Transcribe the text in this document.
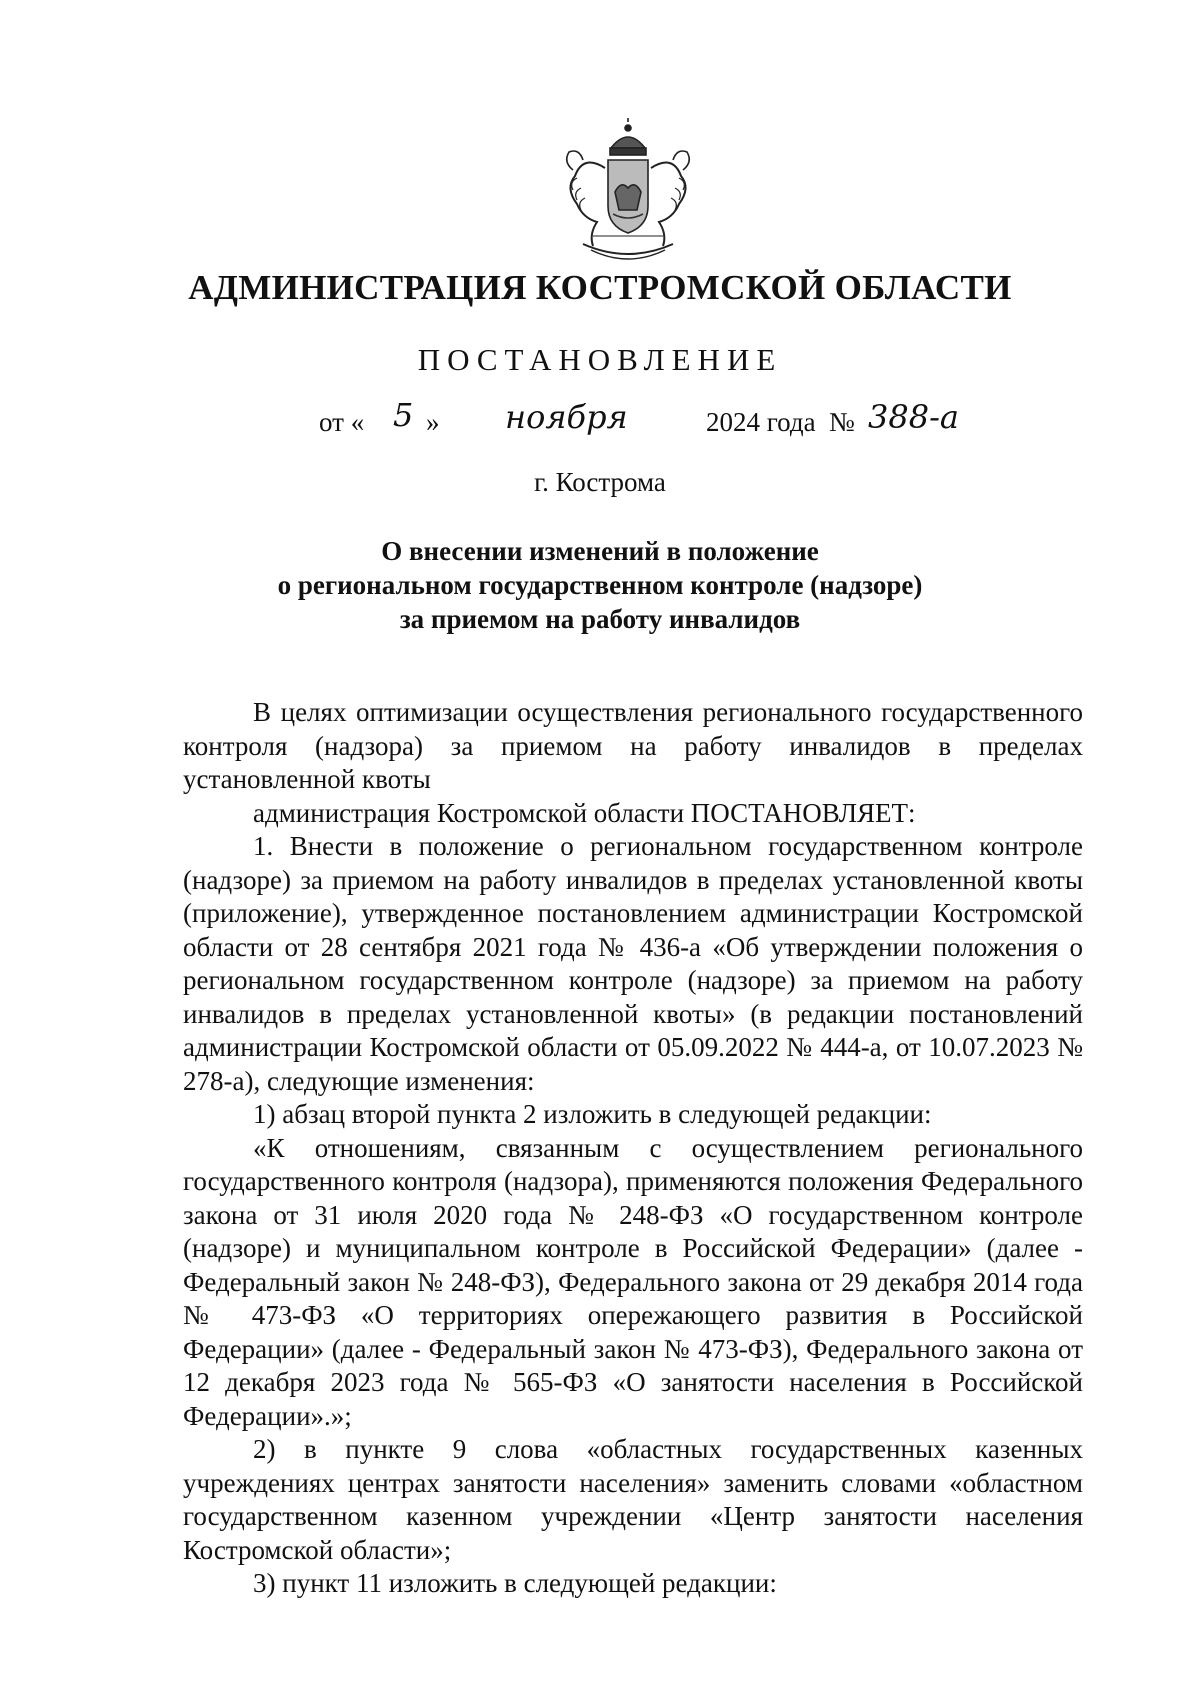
АДМИНИСТРАЦИЯ КОСТРОМСКОЙ ОБЛАСТИ
ПОСТАНОВЛЕНИЕ
от « 5 » ноября	2024 года № 388-а
г. Кострома
О внесении изменений в положение
о региональном государственном контроле (надзоре)
за приемом на работу инвалидов

В целях оптимизации осуществления регионального государственного контроля (надзора) за приемом на работу инвалидов в пределах установленной квоты

администрация Костромской области ПОСТАНОВЛЯЕТ:

1. Внести в положение о региональном государственном контроле (надзоре) за приемом на работу инвалидов в пределах установленной квоты (приложение), утвержденное постановлением администрации Костромской области от 28 сентября 2021 года № 436-а «Об утверждении положения о региональном государственном контроле (надзоре) за приемом на работу инвалидов в пределах установленной квоты» (в редакции постановлений администрации Костромской области от 05.09.2022 № 444-а, от 10.07.2023 № 278-а), следующие изменения:

1) абзац второй пункта 2 изложить в следующей редакции:

«К отношениям, связанным с осуществлением регионального государственного контроля (надзора), применяются положения Федерального закона от 31 июля 2020 года № 248-ФЗ «О государственном контроле (надзоре) и муниципальном контроле в Российской Федерации» (далее - Федеральный закон № 248-ФЗ), Федерального закона от 29 декабря 2014 года № 473-ФЗ «О территориях опережающего развития в Российской Федерации» (далее - Федеральный закон № 473-ФЗ), Федерального закона от 12 декабря 2023 года № 565-ФЗ «О занятости населения в Российской Федерации».»;

2) в пункте 9 слова «областных государственных казенных учреждениях центрах занятости населения» заменить словами «областном государственном казенном учреждении «Центр занятости населения Костромской области»;

3) пункт 11 изложить в следующей редакции:
